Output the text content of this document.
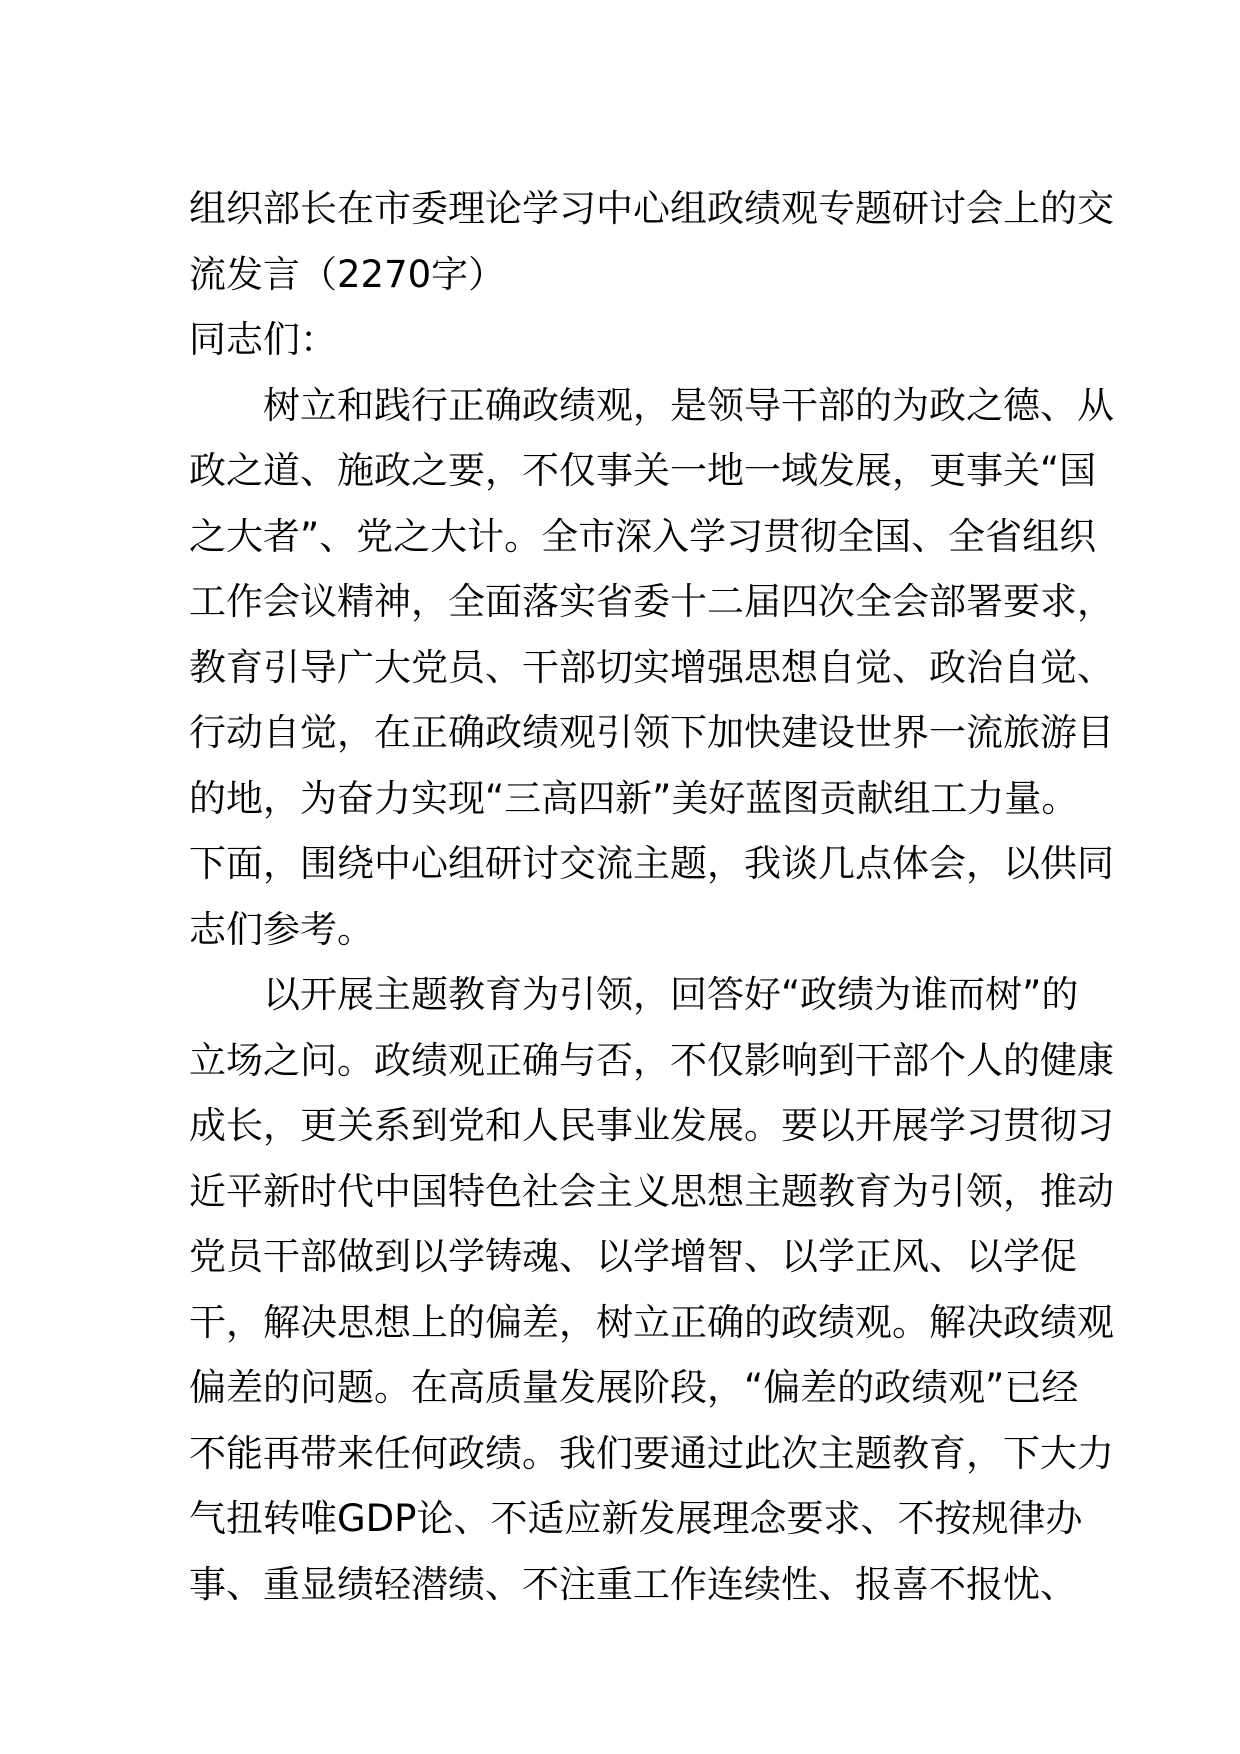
组织部长在市委理论学习中心组政绩观专题研讨会上的交
流发言（2270字）
同志们：
树立和践行正确政绩观，是领导干部的为政之德、从
政之道、施政之要，不仅事关一地一域发展，更事关“国
之大者”、党之大计。全市深入学习贯彻全国、全省组织
工作会议精神，全面落实省委十二届四次全会部署要求，
教育引导广大党员、干部切实增强思想自觉、政治自觉、
行动自觉，在正确政绩观引领下加快建设世界一流旅游目
的地，为奋力实现“三高四新”美好蓝图贡献组工力量。
下面，围绕中心组研讨交流主题，我谈几点体会，以供同
志们参考。
以开展主题教育为引领，回答好“政绩为谁而树”的
立场之问。政绩观正确与否，不仅影响到干部个人的健康
成长，更关系到党和人民事业发展。要以开展学习贯彻习
近平新时代中国特色社会主义思想主题教育为引领，推动
党员干部做到以学铸魂、以学增智、以学正风、以学促
干，解决思想上的偏差，树立正确的政绩观。解决政绩观
偏差的问题。在高质量发展阶段，“偏差的政绩观”已经
不能再带来任何政绩。我们要通过此次主题教育，下大力
气扭转唯GDP论、不适应新发展理念要求、不按规律办
事、重显绩轻潜绩、不注重工作连续性、报喜不报忧、
